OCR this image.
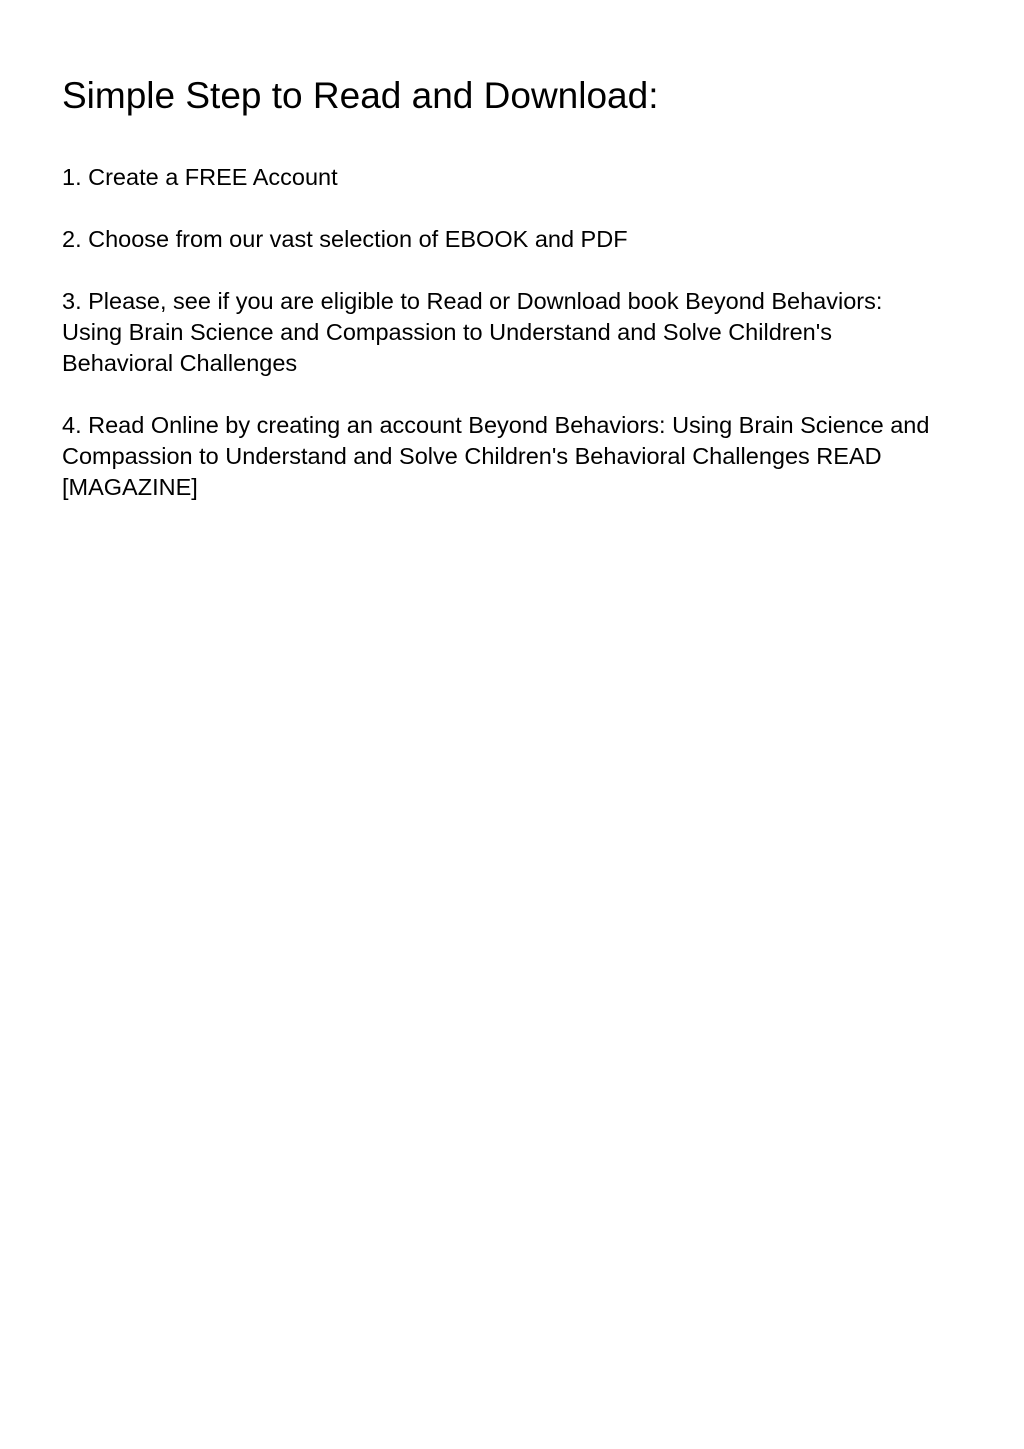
Simple Step to Read and Download:

1. Create a FREE Account

2. Choose from our vast selection of EBOOK and PDF

3. Please, see if you are eligible to Read or Download book Beyond Behaviors: Using Brain Science and Compassion to Understand and Solve Children's Behavioral Challenges

4. Read Online by creating an account Beyond Behaviors: Using Brain Science and Compassion to Understand and Solve Children's Behavioral Challenges READ [MAGAZINE]
